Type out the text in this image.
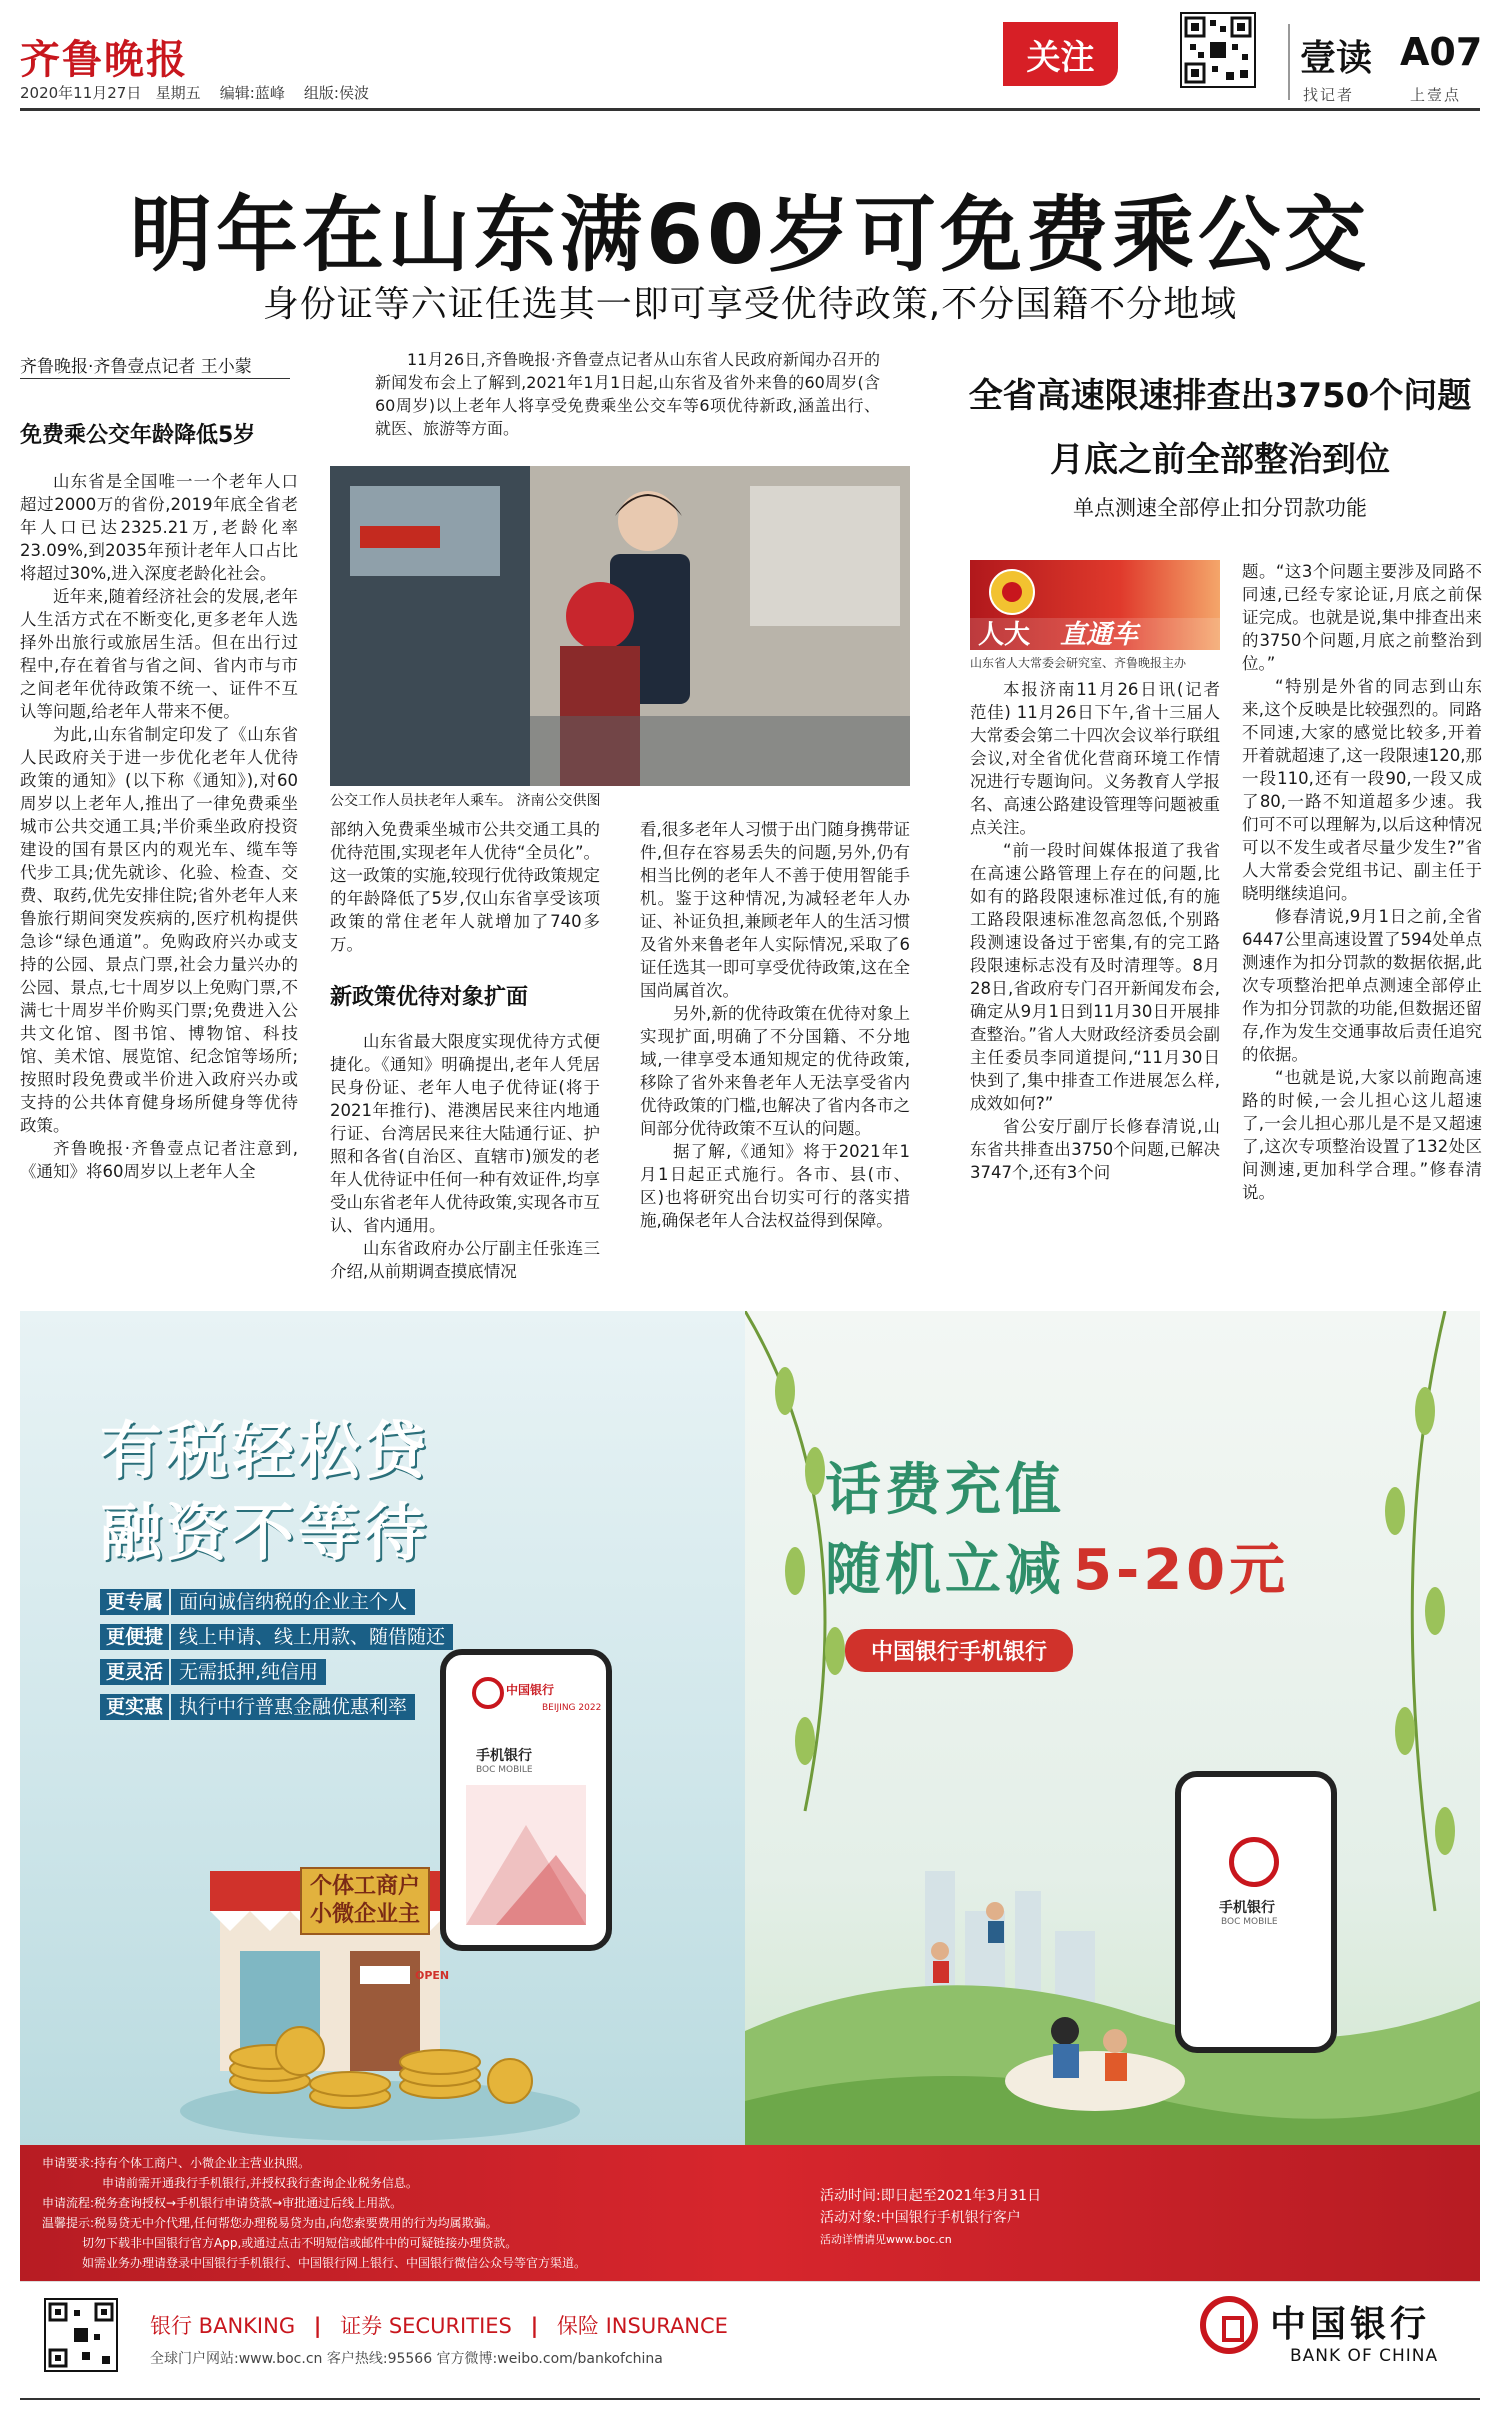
齐鲁晚报
2020年11月27日 星期五 编辑:蓝峰 组版:侯波
关注	壹读 A07
找记者	上壹点
明年在山东满60岁可免费乘公交
身份证等六证任选其一即可享受优待政策,不分国籍不分地域
齐鲁晚报·齐鲁壹点记者 王小蒙	11月26日,齐鲁晚报·齐鲁壹点记者从山东省人民政府新闻办召开的新闻发布会上了解到,2021年1月1日起,山东省及省外来鲁的60周岁(含60周岁)以上老年人将享受免费乘坐公交车等6项优待新政,涵盖出行、就医、旅游等方面。
免费乘公交年龄降低5岁

山东省是全国唯一一个老年人口超过2000万的省份,2019年底全省老年人口已达2325.21万,老龄化率23.09%,到2035年预计老年人口占比将超过30%,进入深度老龄化社会。

近年来,随着经济社会的发展,老年人生活方式在不断变化,更多老年人选择外出旅行或旅居生活。但在出行过程中,存在着省与省之间、省内市与市之间老年优待政策不统一、证件不互认等问题,给老年人带来不便。

为此,山东省制定印发了《山东省人民政府关于进一步优化老年人优待政策的通知》(以下称《通知》),对60周岁以上老年人,推出了一律免费乘坐城市公共交通工具;半价乘坐政府投资建设的国有景区内的观光车、缆车等代步工具;优先就诊、化验、检查、交费、取药,优先安排住院;省外老年人来鲁旅行期间突发疾病的,医疗机构提供急诊“绿色通道”。免购政府兴办或支持的公园、景点门票,社会力量兴办的公园、景点,七十周岁以上免购门票,不满七十周岁半价购买门票;免费进入公共文化馆、图书馆、博物馆、科技馆、美术馆、展览馆、纪念馆等场所;按照时段免费或半价进入政府兴办或支持的公共体育健身场所健身等优待政策。

齐鲁晚报·齐鲁壹点记者注意到,《通知》将60周岁以上老年人全

公交工作人员扶老年人乘车。 济南公交供图

部纳入免费乘坐城市公共交通工具的优待范围,实现老年人优待“全员化”。这一政策的实施,较现行优待政策规定的年龄降低了5岁,仅山东省享受该项政策的常住老年人就增加了740多万。

新政策优待对象扩面

山东省最大限度实现优待方式便捷化。《通知》明确提出,老年人凭居民身份证、老年人电子优待证(将于2021年推行)、港澳居民来往内地通行证、台湾居民来往大陆通行证、护照和各省(自治区、直辖市)颁发的老年人优待证中任何一种有效证件,均享受山东省老年人优待政策,实现各市互认、省内通用。

山东省政府办公厅副主任张连三介绍,从前期调查摸底情况

看,很多老年人习惯于出门随身携带证件,但存在容易丢失的问题,另外,仍有相当比例的老年人不善于使用智能手机。鉴于这种情况,为减轻老年人办证、补证负担,兼顾老年人的生活习惯及省外来鲁老年人实际情况,采取了6证任选其一即可享受优待政策,这在全国尚属首次。

另外,新的优待政策在优待对象上实现扩面,明确了不分国籍、不分地域,一律享受本通知规定的优待政策,移除了省外来鲁老年人无法享受省内优待政策的门槛,也解决了省内各市之间部分优待政策不互认的问题。

据了解,《通知》将于2021年1月1日起正式施行。各市、县(市、区)也将研究出台切实可行的落实措施,确保老年人合法权益得到保障。

全省高速限速排查出3750个问题
月底之前全部整治到位
单点测速全部停止扣分罚款功能
人大 直通车
山东省人大常委会研究室、齐鲁晚报主办

本报济南11月26日讯(记者 范佳) 11月26日下午,省十三届人大常委会第二十四次会议举行联组会议,对全省优化营商环境工作情况进行专题询问。义务教育人学报名、高速公路建设管理等问题被重点关注。

“前一段时间媒体报道了我省在高速公路管理上存在的问题,比如有的路段限速标准过低,有的施工路段限速标准忽高忽低,个别路段测速设备过于密集,有的完工路段限速标志没有及时清理等。8月28日,省政府专门召开新闻发布会,确定从9月1日到11月30日开展排查整治。”省人大财政经济委员会副主任委员李同道提问,“11月30日快到了,集中排查工作进展怎么样,成效如何?”

省公安厅副厅长修春清说,山东省共排查出3750个问题,已解决3747个,还有3个问

题。“这3个问题主要涉及同路不同速,已经专家论证,月底之前保证完成。也就是说,集中排查出来的3750个问题,月底之前整治到位。”

“特别是外省的同志到山东来,这个反映是比较强烈的。同路不同速,大家的感觉比较多,开着开着就超速了,这一段限速120,那一段110,还有一段90,一段又成了80,一路不知道超多少速。我们可不可以理解为,以后这种情况可以不发生或者尽量少发生?”省人大常委会党组书记、副主任于晓明继续追问。

修春清说,9月1日之前,全省6447公里高速设置了594处单点测速作为扣分罚款的数据依据,此次专项整治把单点测速全部停止作为扣分罚款的功能,但数据还留存,作为发生交通事故后责任追究的依据。

“也就是说,大家以前跑高速路的时候,一会儿担心这儿超速了,一会儿担心那儿是不是又超速了,这次专项整治设置了132处区间测速,更加科学合理。”修春清说。

有税轻松贷
融资不等待
更专属 面向诚信纳税的企业主个人
更便捷 线上申请、线上用款、随借随还
更灵活 无需抵押,纯信用
更实惠 执行中行普惠金融优惠利率
个体工商户
小微企业主
OPEN
中国银行
BEIJING 2022
手机银行
BOC MOBILE
话费充值
随机立减 5-20元
中国银行手机银行
手机银行
BOC MOBILE
申请要求:持有个体工商户、小微企业主营业执照。
申请前需开通我行手机银行,并授权我行查询企业税务信息。
申请流程:税务查询授权→手机银行申请贷款→审批通过后线上用款。
温馨提示:税易贷无中介代理,任何帮您办理税易贷为由,向您索要费用的行为均属欺骗。
切勿下载非中国银行官方App,或通过点击不明短信或邮件中的可疑链接办理贷款。
如需业务办理请登录中国银行手机银行、中国银行网上银行、中国银行微信公众号等官方渠道。
活动时间:即日起至2021年3月31日
活动对象:中国银行手机银行客户
活动详情请见www.boc.cn
银行 BANKING | 证券 SECURITIES | 保险 INSURANCE
全球门户网站:www.boc.cn 客户热线:95566 官方微博:weibo.com/bankofchina
中国银行
BANK OF CHINA
